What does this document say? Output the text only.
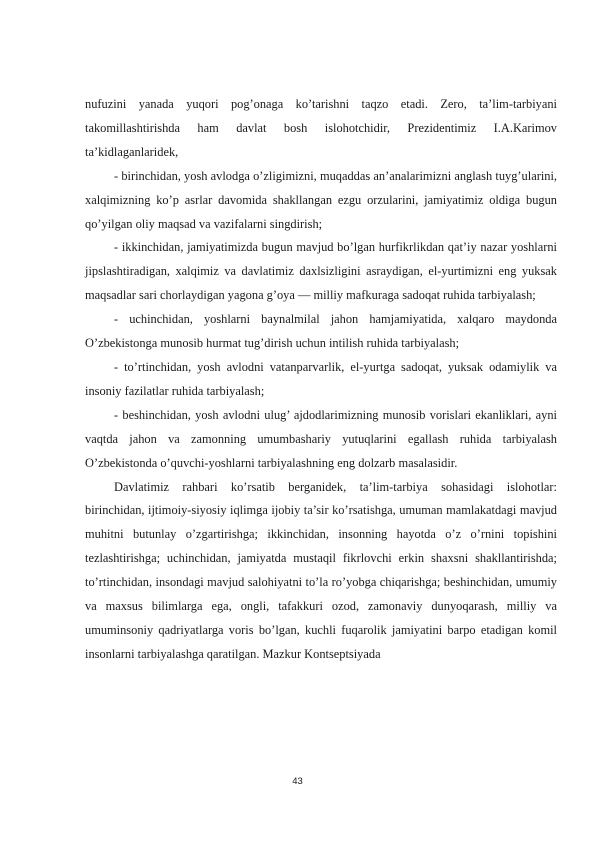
nufuzini yanada yuqori pog’onaga ko’tarishni taqzo etadi. Zero, ta’lim-tarbiyani takomillashtirishda ham davlat bosh islohotchidir, Prezidentimiz I.A.Karimov ta’kidlaganlaridek,

- birinchidan, yosh avlodga o’zligimizni, muqaddas an’analarimizni anglash tuyg’ularini, xalqimizning ko’p asrlar davomida shakllangan ezgu orzularini, jamiyatimiz oldiga bugun qo’yilgan oliy maqsad va vazifalarni singdirish;

- ikkinchidan, jamiyatimizda bugun mavjud bo’lgan hurfikrlikdan qat’iy nazar yoshlarni jipslashtiradigan, xalqimiz va davlatimiz daxlsizligini asraydigan, el-yurtimizni eng yuksak maqsadlar sari chorlaydigan yagona g’oya — milliy mafkuraga sadoqat ruhida tarbiyalash;

- uchinchidan, yoshlarni baynalmilal jahon hamjamiyatida, xalqaro maydonda O’zbekistonga munosib hurmat tug’dirish uchun intilish ruhida tarbiyalash;

- to’rtinchidan, yosh avlodni vatanparvarlik, el-yurtga sadoqat, yuksak odamiylik va insoniy fazilatlar ruhida tarbiyalash;

- beshinchidan, yosh avlodni ulug’ ajdodlarimizning munosib vorislari ekanliklari, ayni vaqtda jahon va zamonning umumbashariy yutuqlarini egallash ruhida tarbiyalash O’zbekistonda o’quvchi-yoshlarni tarbiyalashning eng dolzarb masalasidir.

Davlatimiz rahbari ko’rsatib berganidek, ta’lim-tarbiya sohasidagi islohotlar: birinchidan, ijtimoiy-siyosiy iqlimga ijobiy ta’sir ko’rsatishga, umuman mamlakatdagi mavjud muhitni butunlay o’zgartirishga; ikkinchidan, insonning hayotda o’z o’rnini topishini tezlashtirishga; uchinchidan, jamiyatda mustaqil fikrlovchi erkin shaxsni shakllantirishda; to’rtinchidan, insondagi mavjud salohiyatni to’la ro’yobga chiqarishga; beshinchidan, umumiy va maxsus bilimlarga ega, ongli, tafakkuri ozod, zamonaviy dunyoqarash, milliy va umuminsoniy qadriyatlarga voris bo’lgan, kuchli fuqarolik jamiyatini barpo etadigan komil insonlarni tarbiyalashga qaratilgan. Mazkur Kontseptsiyada

43
